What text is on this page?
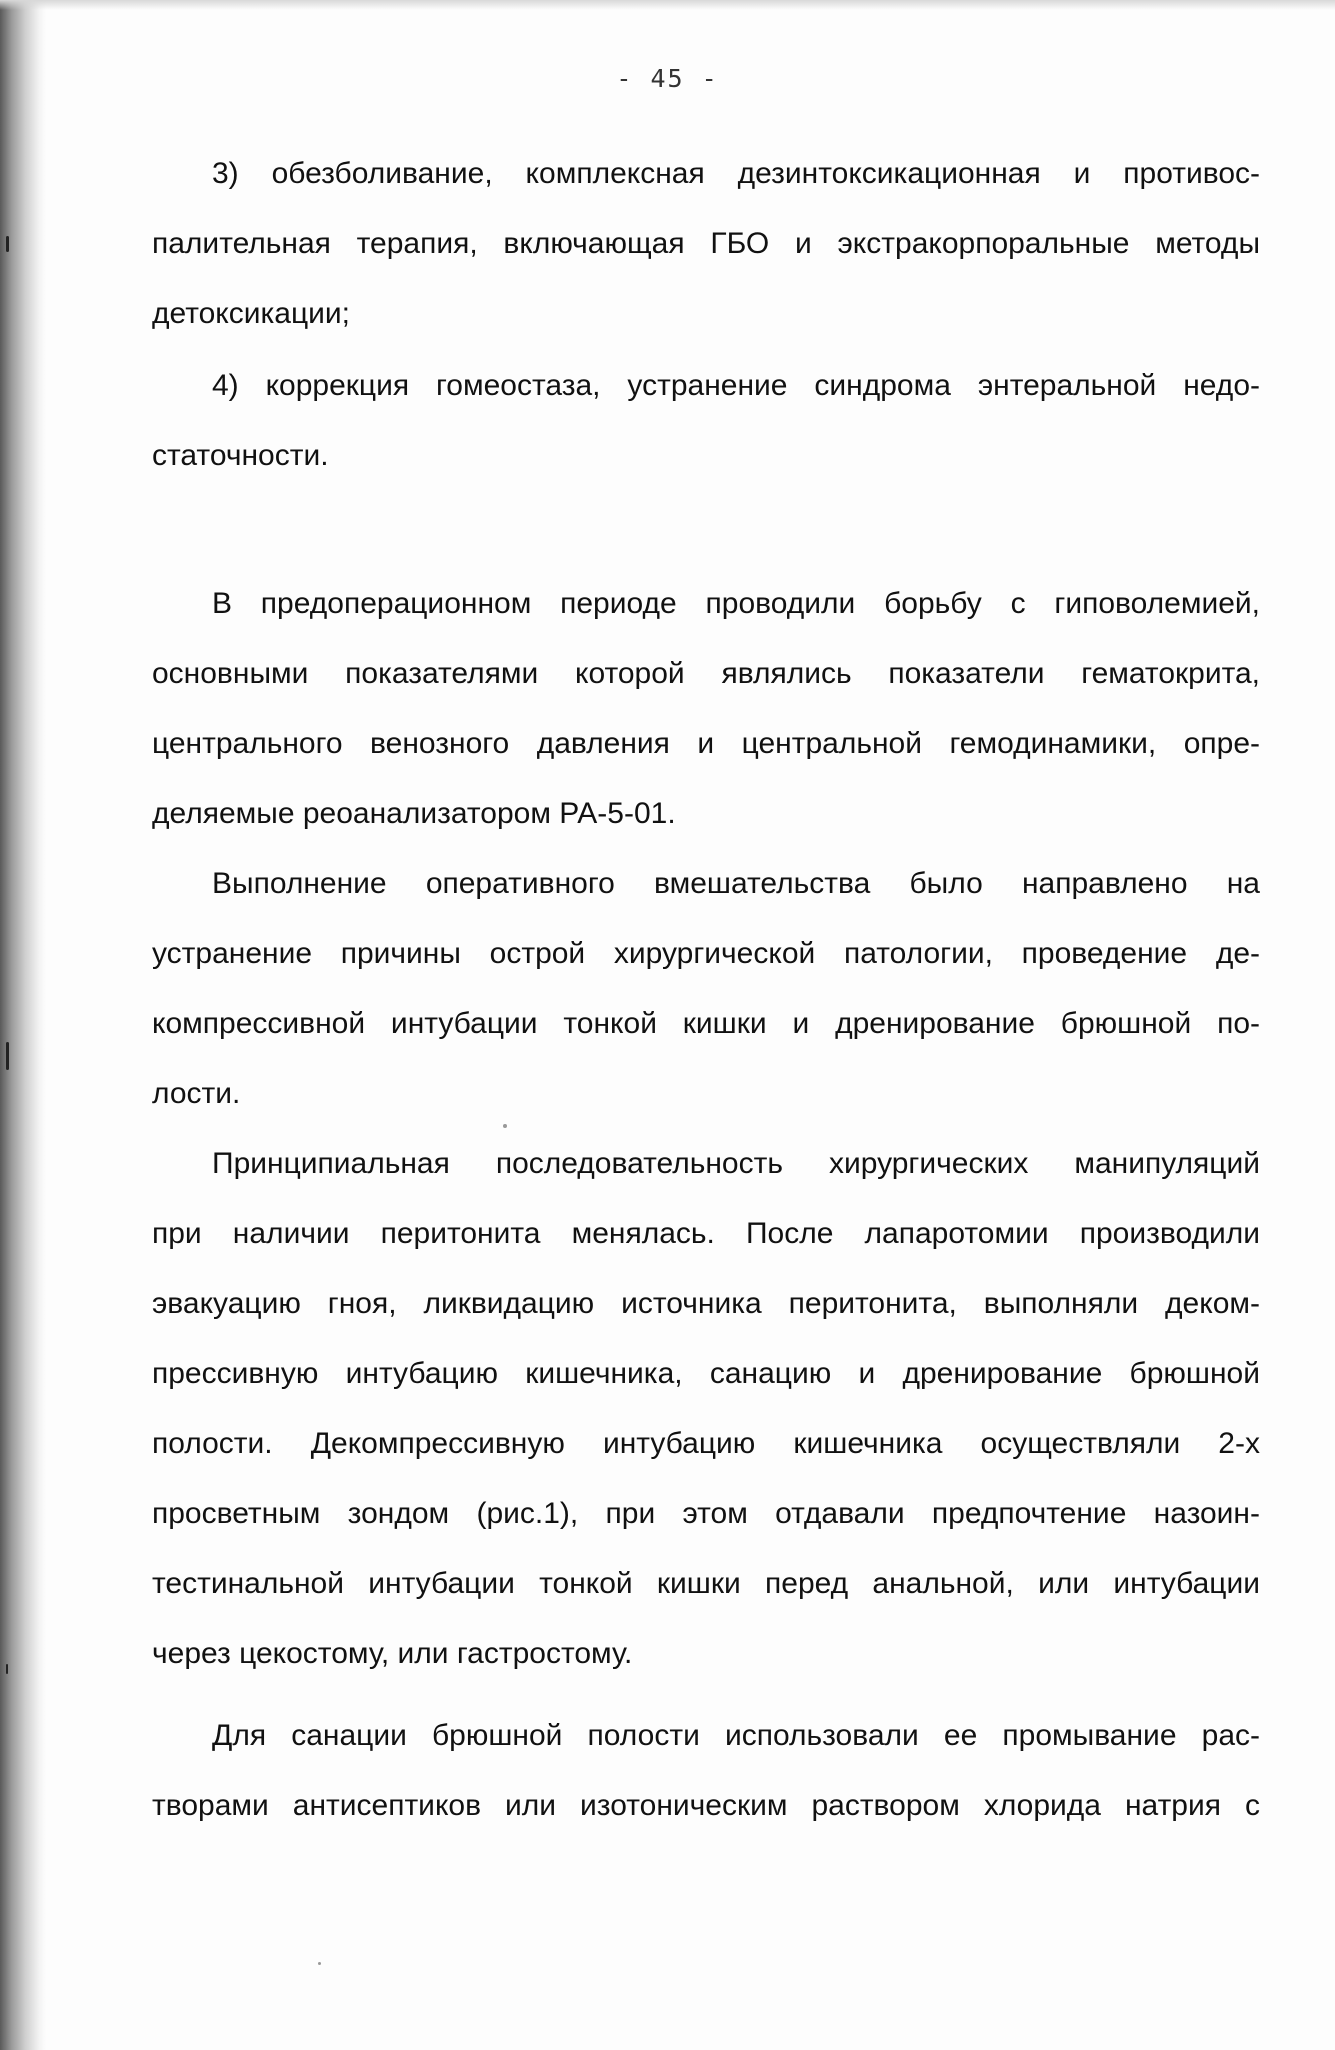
- 45 -
3) обезболивание, комплексная дезинтоксикационная и противос-
палительная терапия, включающая ГБО и экстракорпоральные методы
детоксикации;
4) коррекция гомеостаза, устранение синдрома энтеральной недо-
статочности.
В предоперационном периоде проводили борьбу с гиповолемией,
основными показателями которой являлись показатели гематокрита,
центрального венозного давления и центральной гемодинамики, опре-
деляемые реоанализатором РА-5-01.
Выполнение оперативного вмешательства было направлено на
устранение причины острой хирургической патологии, проведение де-
компрессивной интубации тонкой кишки и дренирование брюшной по-
лости.
Принципиальная последовательность хирургических манипуляций
при наличии перитонита менялась. После лапаротомии производили
эвакуацию гноя, ликвидацию источника перитонита, выполняли деком-
прессивную интубацию кишечника, санацию и дренирование брюшной
полости. Декомпрессивную интубацию кишечника осуществляли 2-х
просветным зондом (рис.1), при этом отдавали предпочтение назоин-
тестинальной интубации тонкой кишки перед анальной, или интубации
через цекостому, или гастростому.
Для санации брюшной полости использовали ее промывание рас-
творами антисептиков или изотоническим раствором хлорида натрия с
